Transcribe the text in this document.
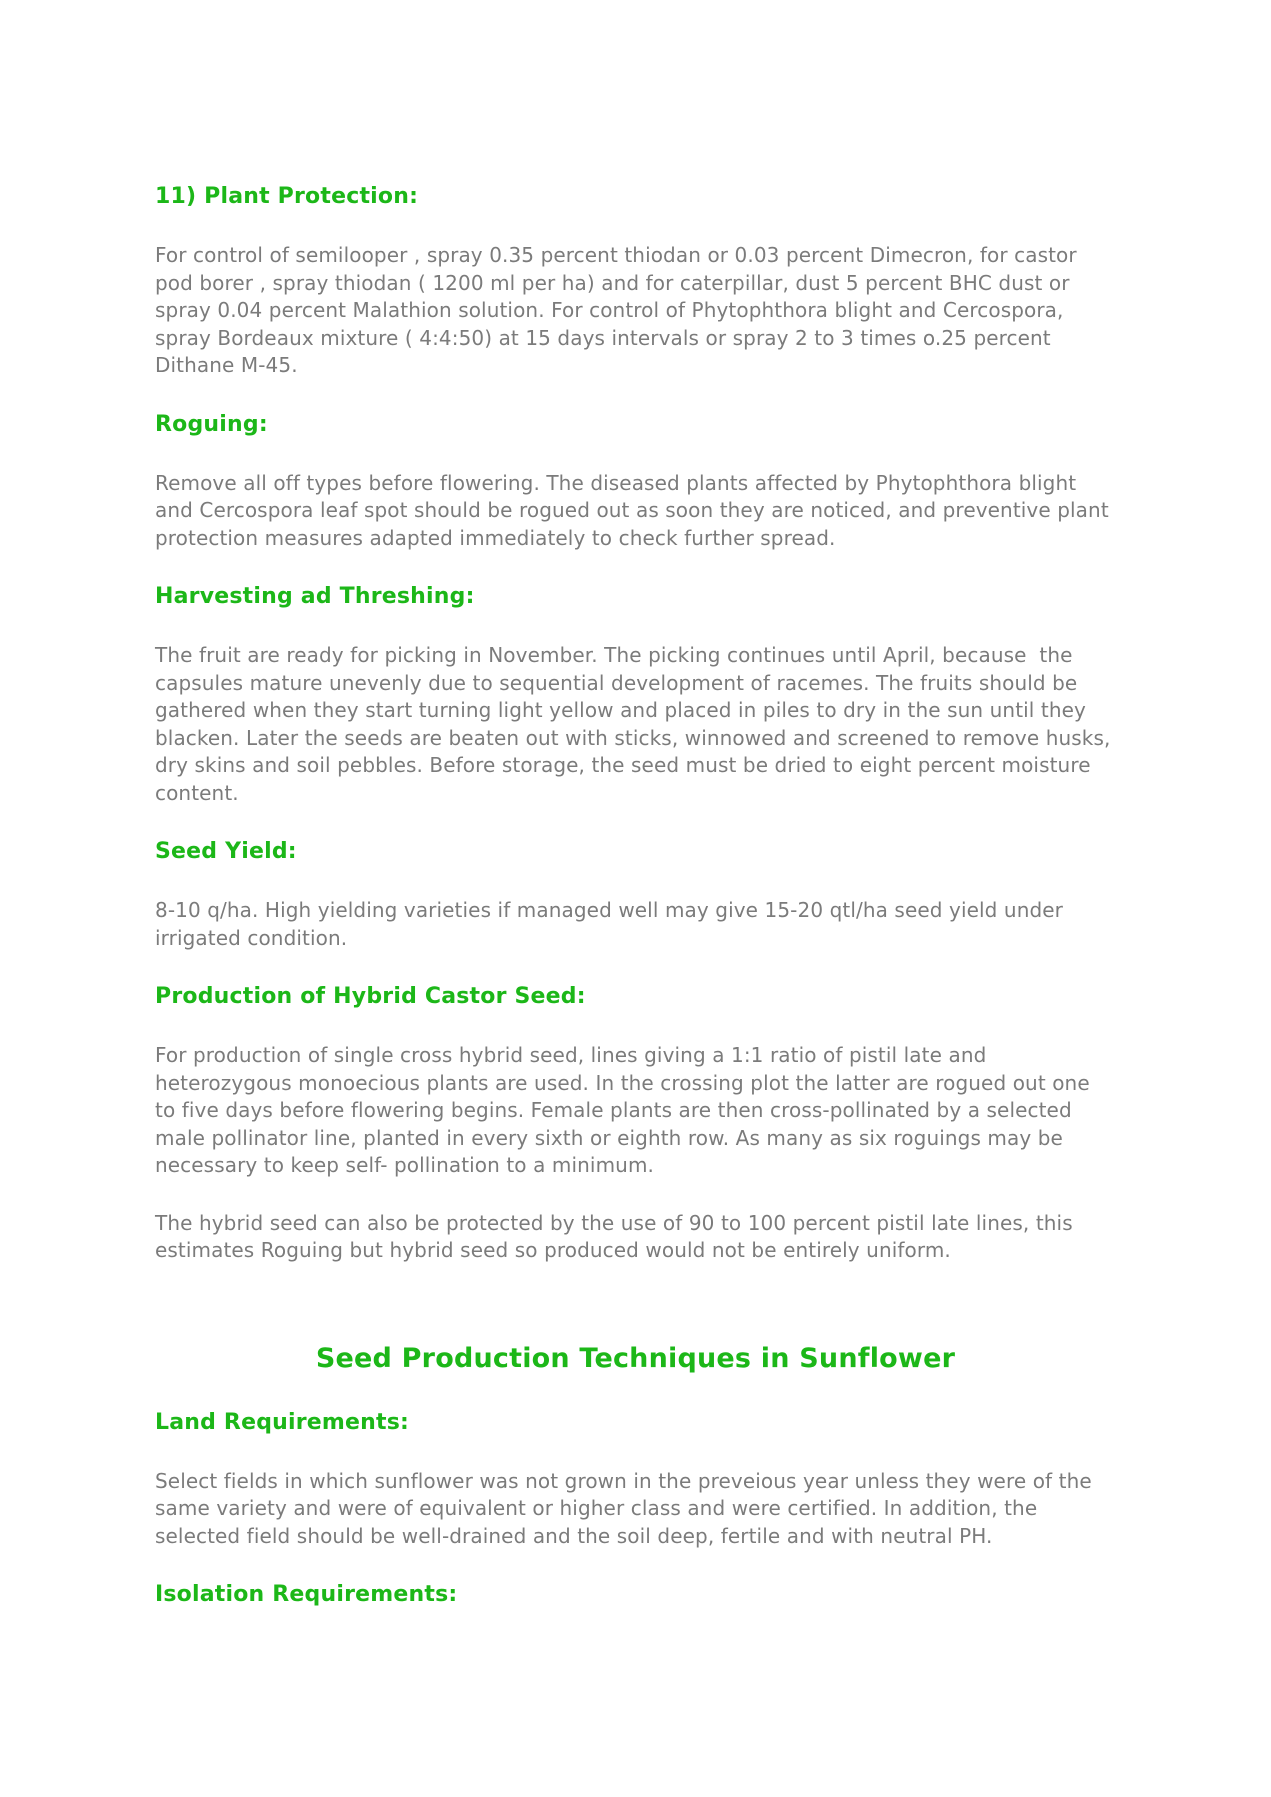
11) Plant Protection:

For control of semilooper , spray 0.35 percent thiodan or 0.03 percent Dimecron, for castor pod borer , spray thiodan ( 1200 ml per ha) and for caterpillar, dust 5 percent BHC dust or spray 0.04 percent Malathion solution. For control of Phytophthora blight and Cercospora, spray Bordeaux mixture ( 4:4:50) at 15 days intervals or spray 2 to 3 times o.25 percent Dithane M-45.

Roguing:

Remove all off types before flowering. The diseased plants affected by Phytophthora blight and Cercospora leaf spot should be rogued out as soon they are noticed, and preventive plant protection measures adapted immediately to check further spread.

Harvesting ad Threshing:

The fruit are ready for picking in November. The picking continues until April, because  the capsules mature unevenly due to sequential development of racemes. The fruits should be gathered when they start turning light yellow and placed in piles to dry in the sun until they blacken. Later the seeds are beaten out with sticks, winnowed and screened to remove husks, dry skins and soil pebbles. Before storage, the seed must be dried to eight percent moisture content.

Seed Yield:

8-10 q/ha. High yielding varieties if managed well may give 15-20 qtl/ha seed yield under irrigated condition.

Production of Hybrid Castor Seed:

For production of single cross hybrid seed, lines giving a 1:1 ratio of pistil late and heterozygous monoecious plants are used. In the crossing plot the latter are rogued out one to five days before flowering begins. Female plants are then cross-pollinated by a selected male pollinator line, planted in every sixth or eighth row. As many as six roguings may be necessary to keep self- pollination to a minimum.

The hybrid seed can also be protected by the use of 90 to 100 percent pistil late lines, this estimates Roguing but hybrid seed so produced would not be entirely uniform.

Seed Production Techniques in Sunflower
Land Requirements:

Select fields in which sunflower was not grown in the preveious year unless they were of the same variety and were of equivalent or higher class and were certified. In addition, the selected field should be well-drained and the soil deep, fertile and with neutral PH.

Isolation Requirements:
